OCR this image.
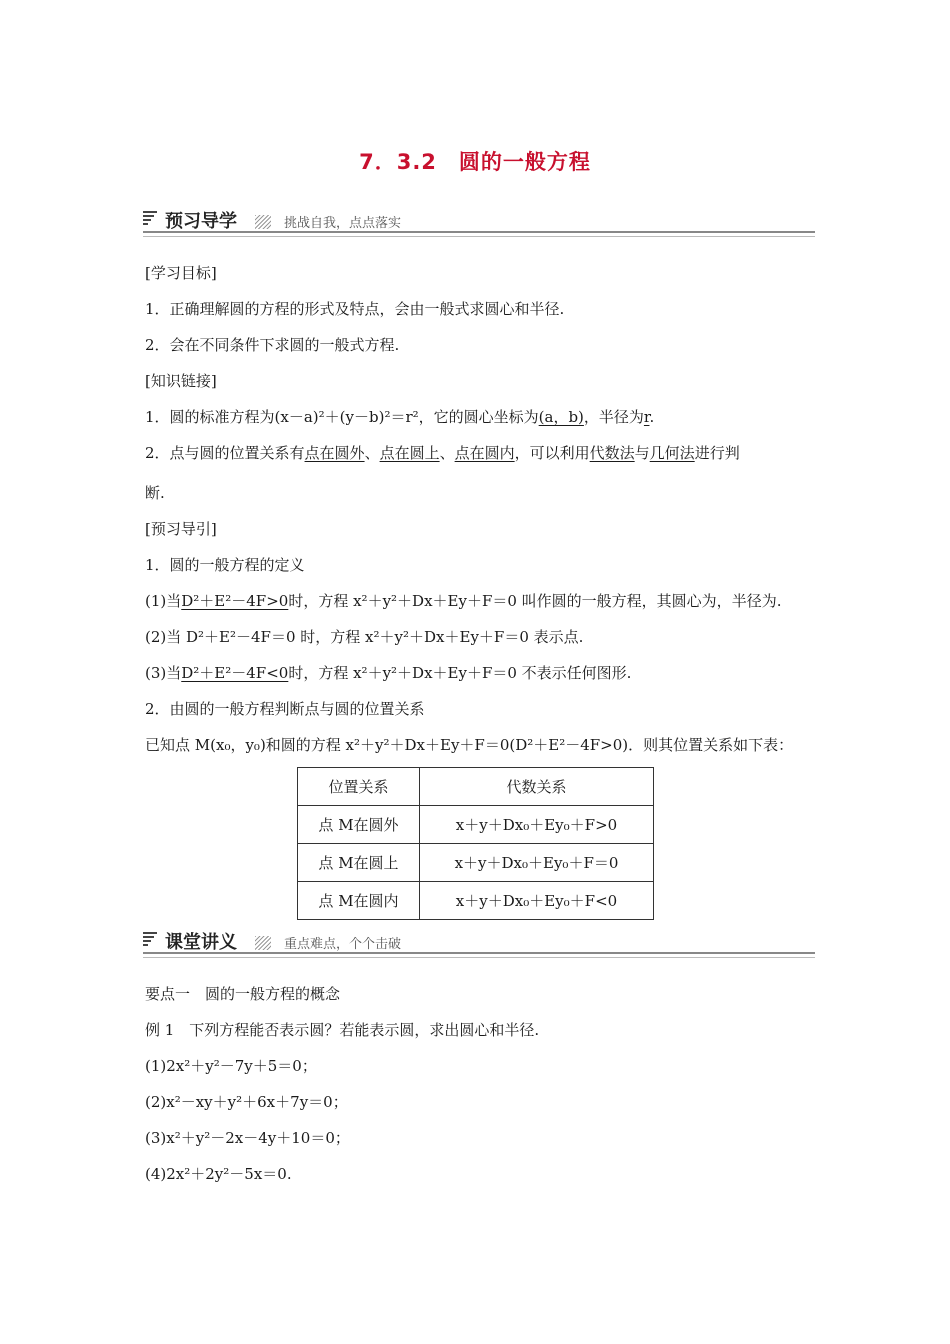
7．3.2　圆的一般方程
预习导学	挑战自我，点点落实
[学习目标]
1．正确理解圆的方程的形式及特点，会由一般式求圆心和半径.
2．会在不同条件下求圆的一般式方程.
[知识链接]
1．圆的标准方程为(x－a)²＋(y－b)²＝r²，它的圆心坐标为(a，b)，半径为r.
2．点与圆的位置关系有点在圆外、点在圆上、点在圆内，可以利用代数法与几何法进行判
断.
[预习导引]
1．圆的一般方程的定义
(1)当D²＋E²－4F>0时，方程 x²＋y²＋Dx＋Ey＋F＝0 叫作圆的一般方程，其圆心为，半径为.
(2)当 D²＋E²－4F＝0 时，方程 x²＋y²＋Dx＋Ey＋F＝0 表示点.
(3)当D²＋E²－4F<0时，方程 x²＋y²＋Dx＋Ey＋F＝0 不表示任何图形.
2．由圆的一般方程判断点与圆的位置关系
已知点 M(x₀，y₀)和圆的方程 x²＋y²＋Dx＋Ey＋F＝0(D²＋E²－4F>0)．则其位置关系如下表：
位置关系	代数关系
点 M在圆外	x＋y＋Dx₀＋Ey₀＋F>0
点 M在圆上	x＋y＋Dx₀＋Ey₀＋F＝0
点 M在圆内	x＋y＋Dx₀＋Ey₀＋F<0
课堂讲义	重点难点，个个击破
要点一　圆的一般方程的概念
例 1　下列方程能否表示圆？若能表示圆，求出圆心和半径.
(1)2x²＋y²－7y＋5＝0；
(2)x²－xy＋y²＋6x＋7y＝0；
(3)x²＋y²－2x－4y＋10＝0；
(4)2x²＋2y²－5x＝0.
